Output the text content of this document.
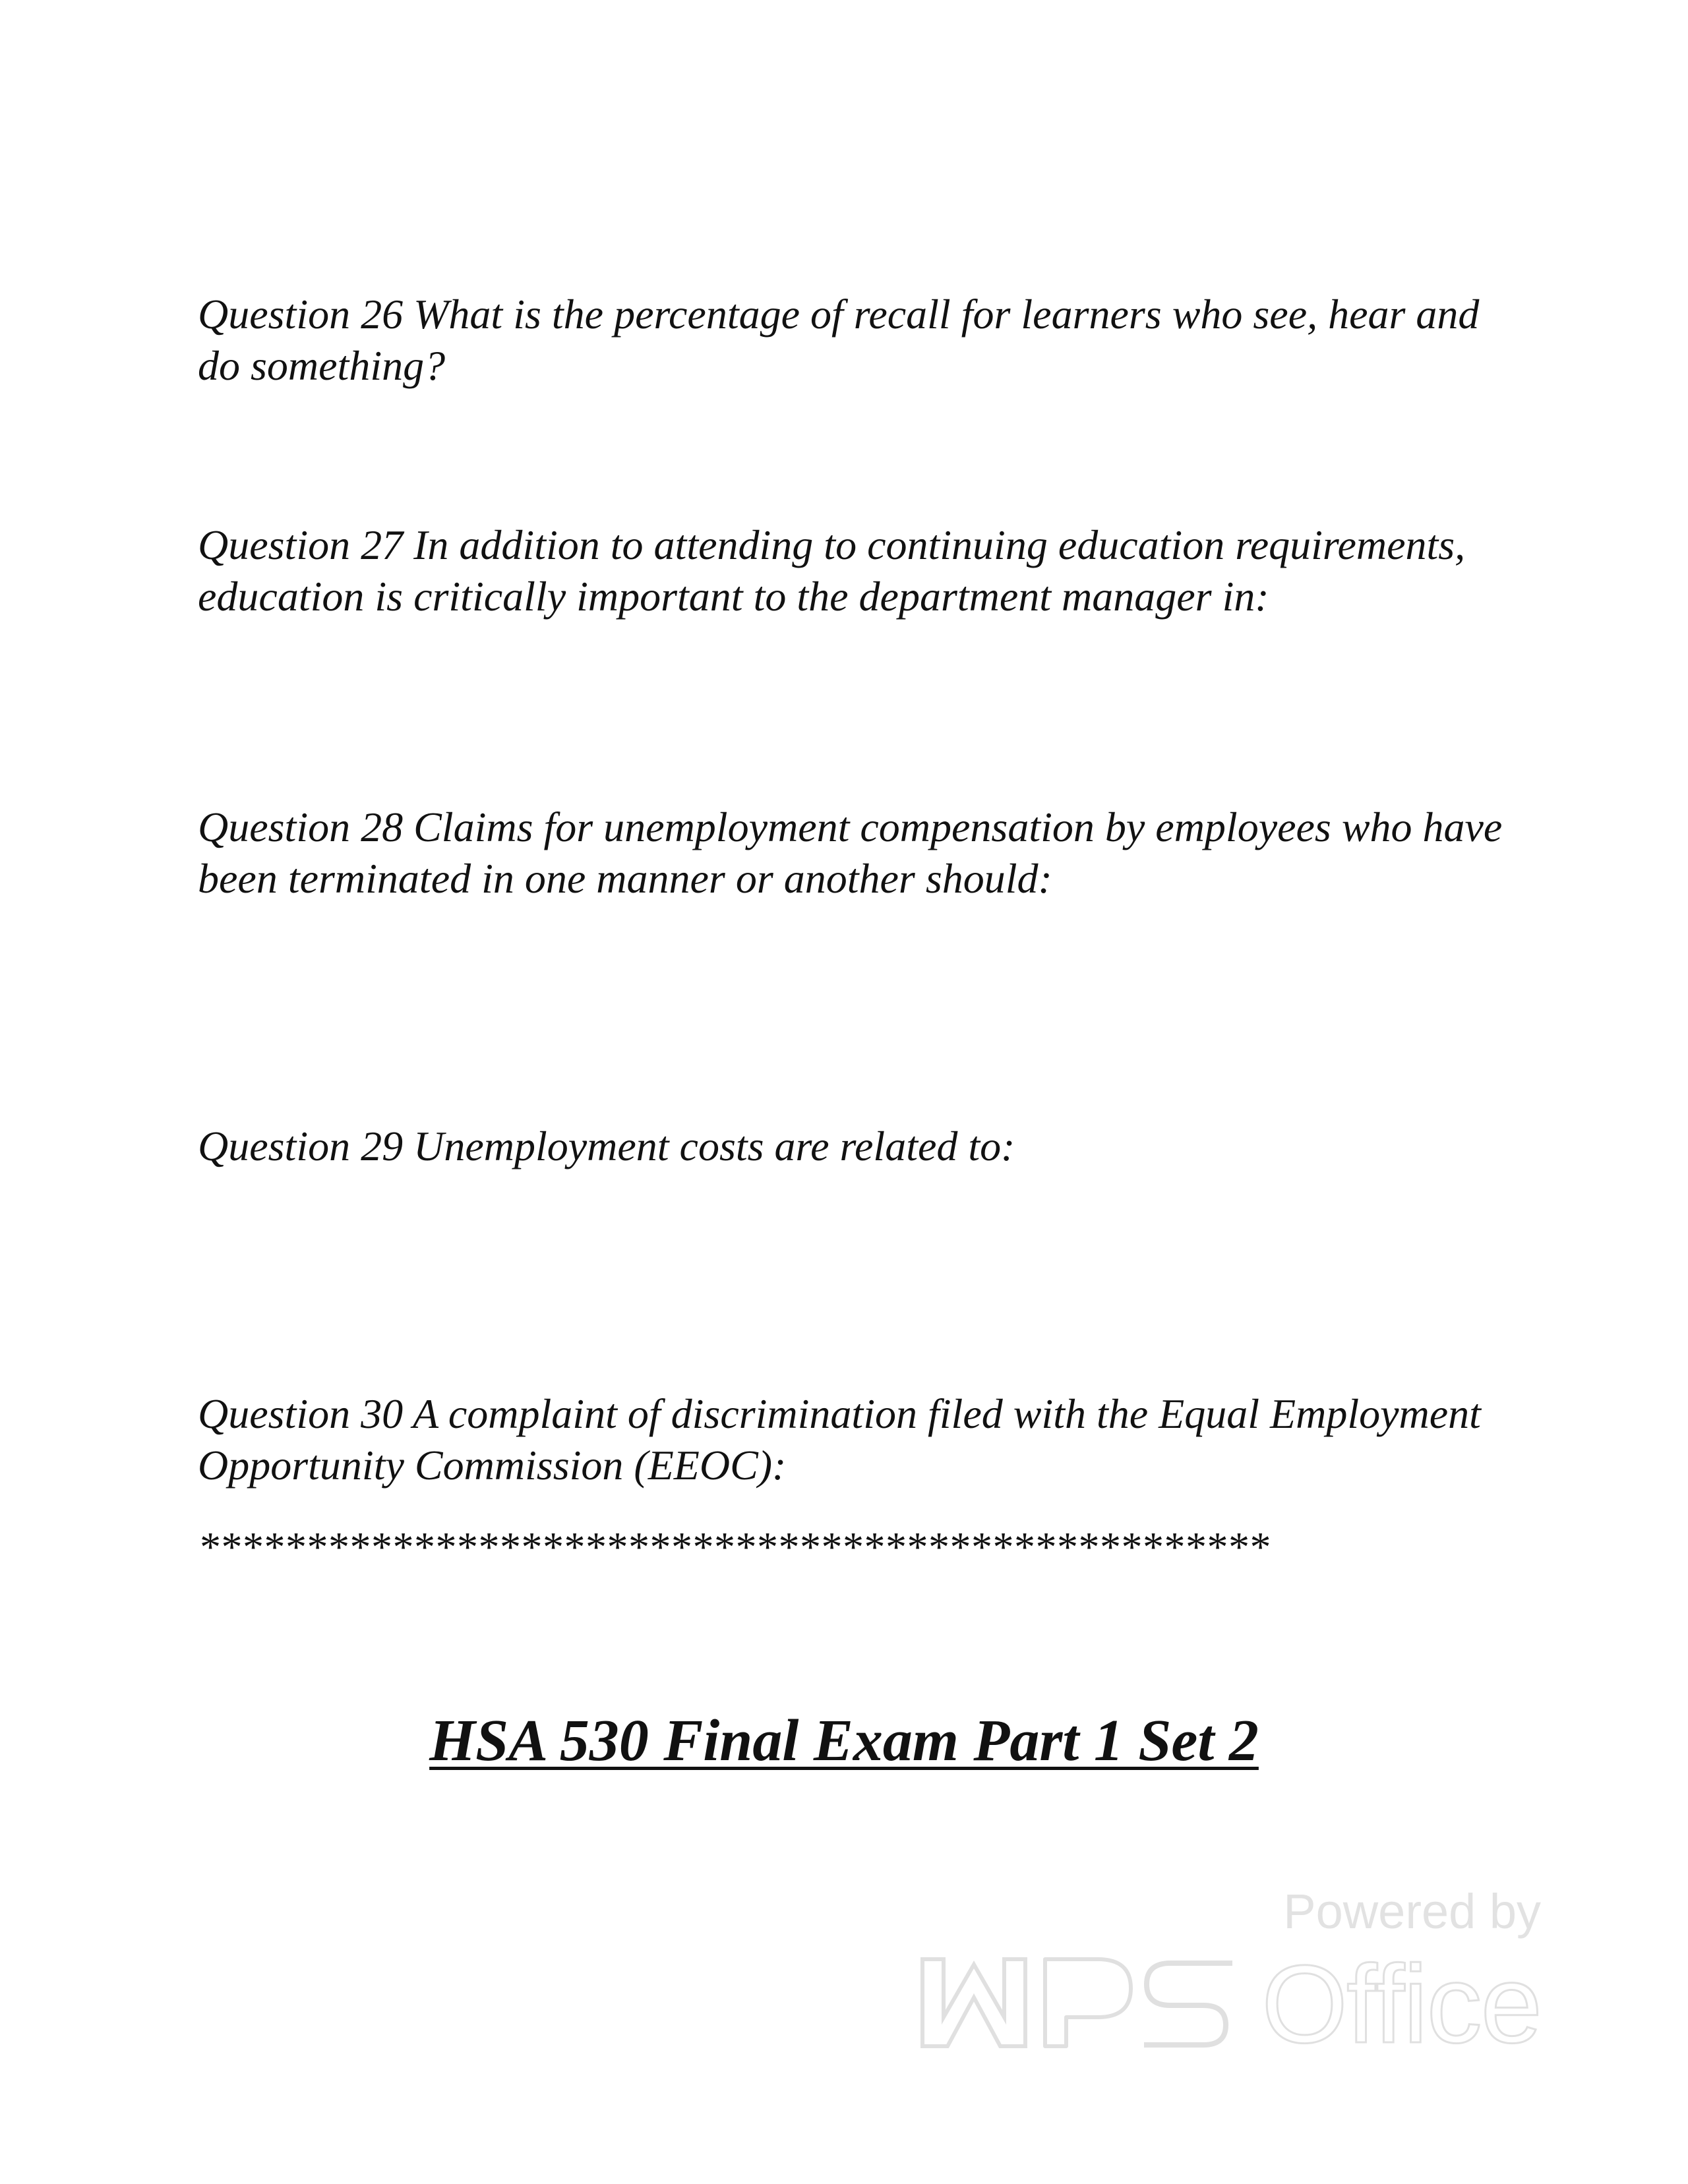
Question 26 What is the percentage of recall for learners who see, hear and do something?

Question 27 In addition to attending to continuing education requirements, education is critically important to the department manager in:

Question 28 Claims for unemployment compensation by employees who have been terminated in one manner or another should:

Question 29 Unemployment costs are related to:

Question 30 A complaint of discrimination filed with the Equal Employment Opportunity Commission (EEOC):

**************************************************

HSA 530 Final Exam Part 1 Set 2
Powered by
WPS	Office
